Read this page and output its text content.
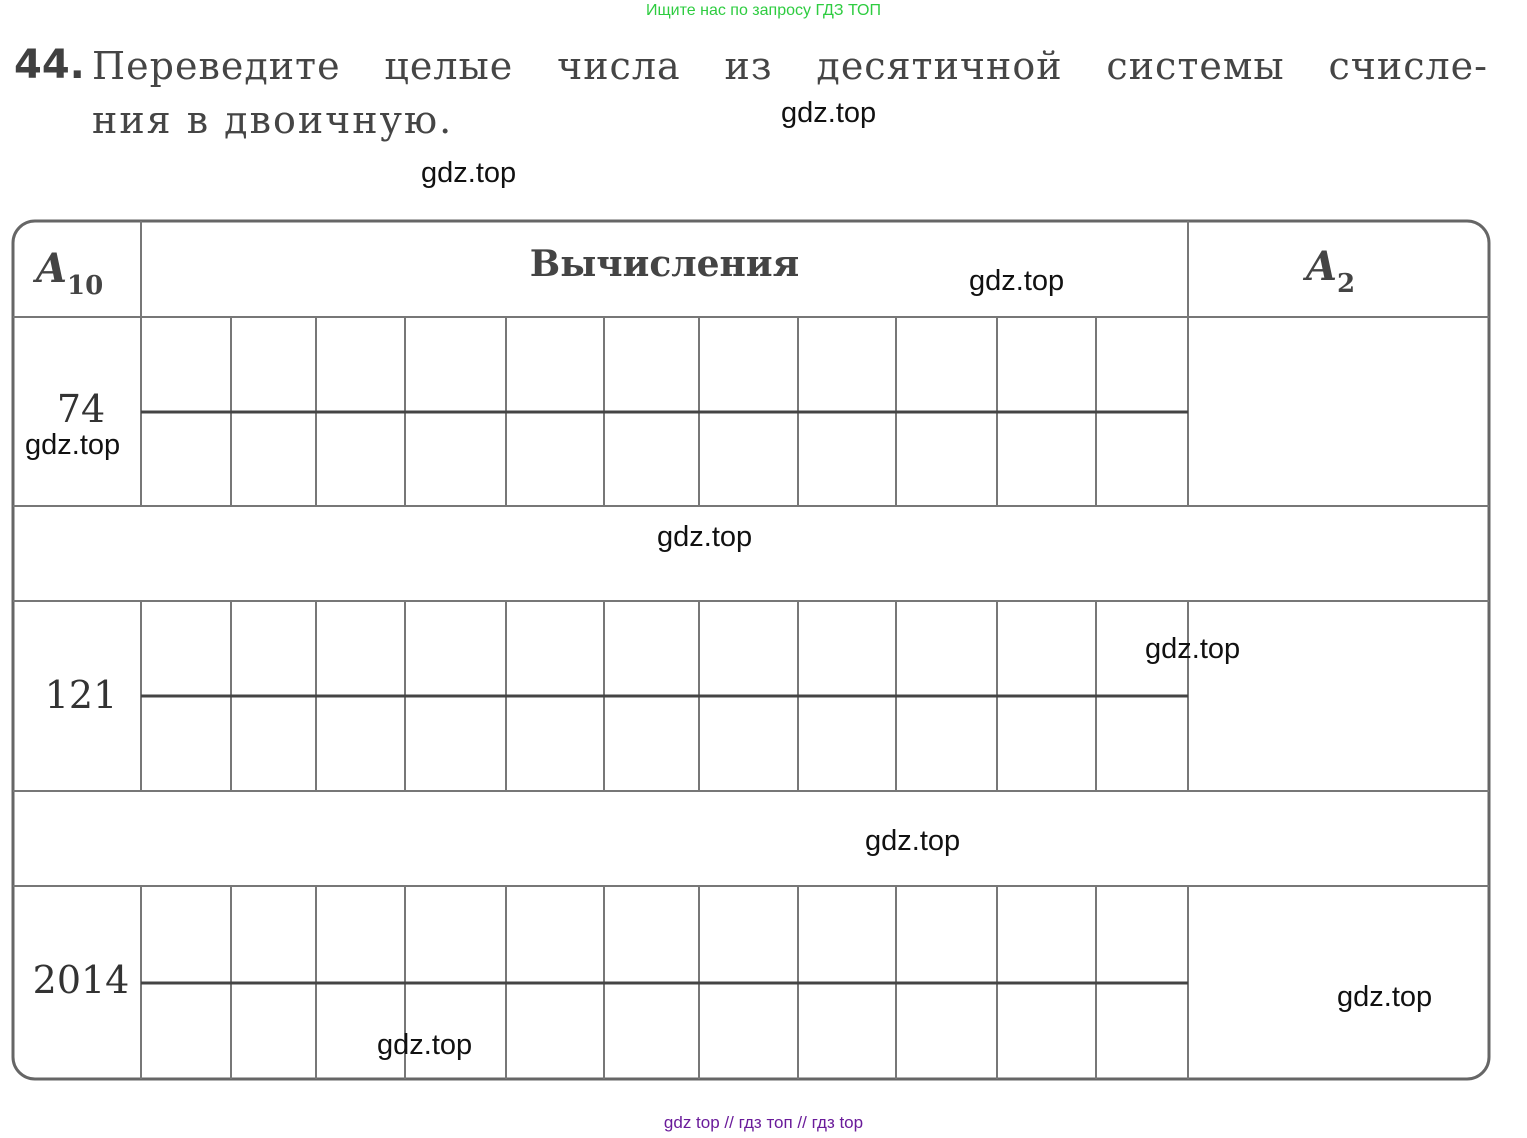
Ищите нас по запросу ГДЗ ТОП
44. Переведите целые числа из десятичной системы счисле-
ния в двоичную.
A10
Вычисления	A2
74
121
2014
gdz.top
gdz.top
gdz.top
gdz.top
gdz.top
gdz.top
gdz.top
gdz.top
gdz.top
gdz top // гдз топ // гдз top
